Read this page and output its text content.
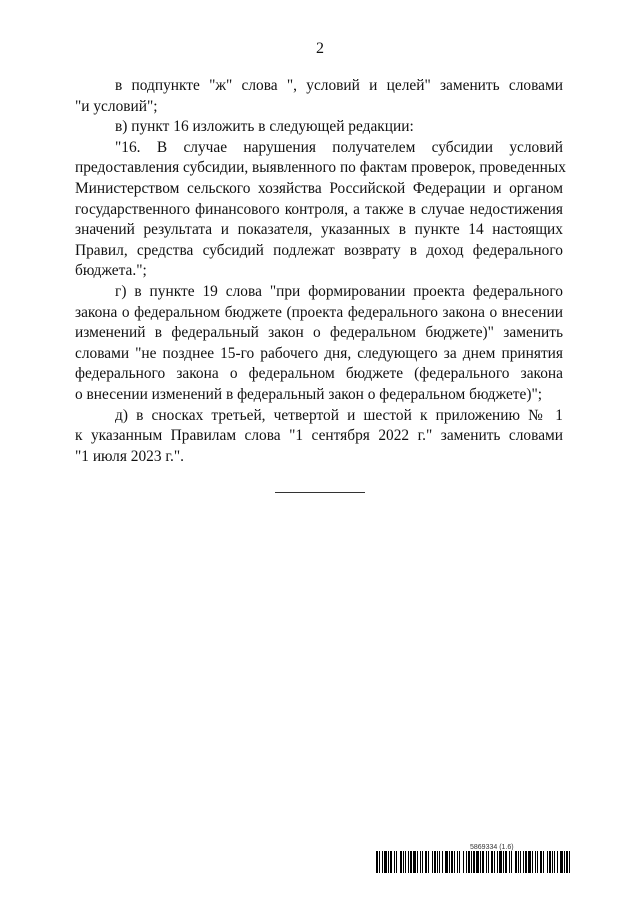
2
в подпункте "ж" слова ", условий и целей" заменить словами
"и условий";
в) пункт 16 изложить в следующей редакции:
"16. В случае нарушения получателем субсидии условий
предоставления субсидии, выявленного по фактам проверок, проведенных
Министерством сельского хозяйства Российской Федерации и органом
государственного финансового контроля, а также в случае недостижения
значений результата и показателя, указанных в пункте 14 настоящих
Правил, средства субсидий подлежат возврату в доход федерального
бюджета.";
г) в пункте 19 слова "при формировании проекта федерального
закона о федеральном бюджете (проекта федерального закона о внесении
изменений в федеральный закон о федеральном бюджете)" заменить
словами "не позднее 15-го рабочего дня, следующего за днем принятия
федерального закона о федеральном бюджете (федерального закона
о внесении изменений в федеральный закон о федеральном бюджете)";
д) в сносках третьей, четвертой и шестой к приложению № 1
к указанным Правилам слова "1 сентября 2022 г." заменить словами
"1 июля 2023 г.".
5869334 (1.6)
